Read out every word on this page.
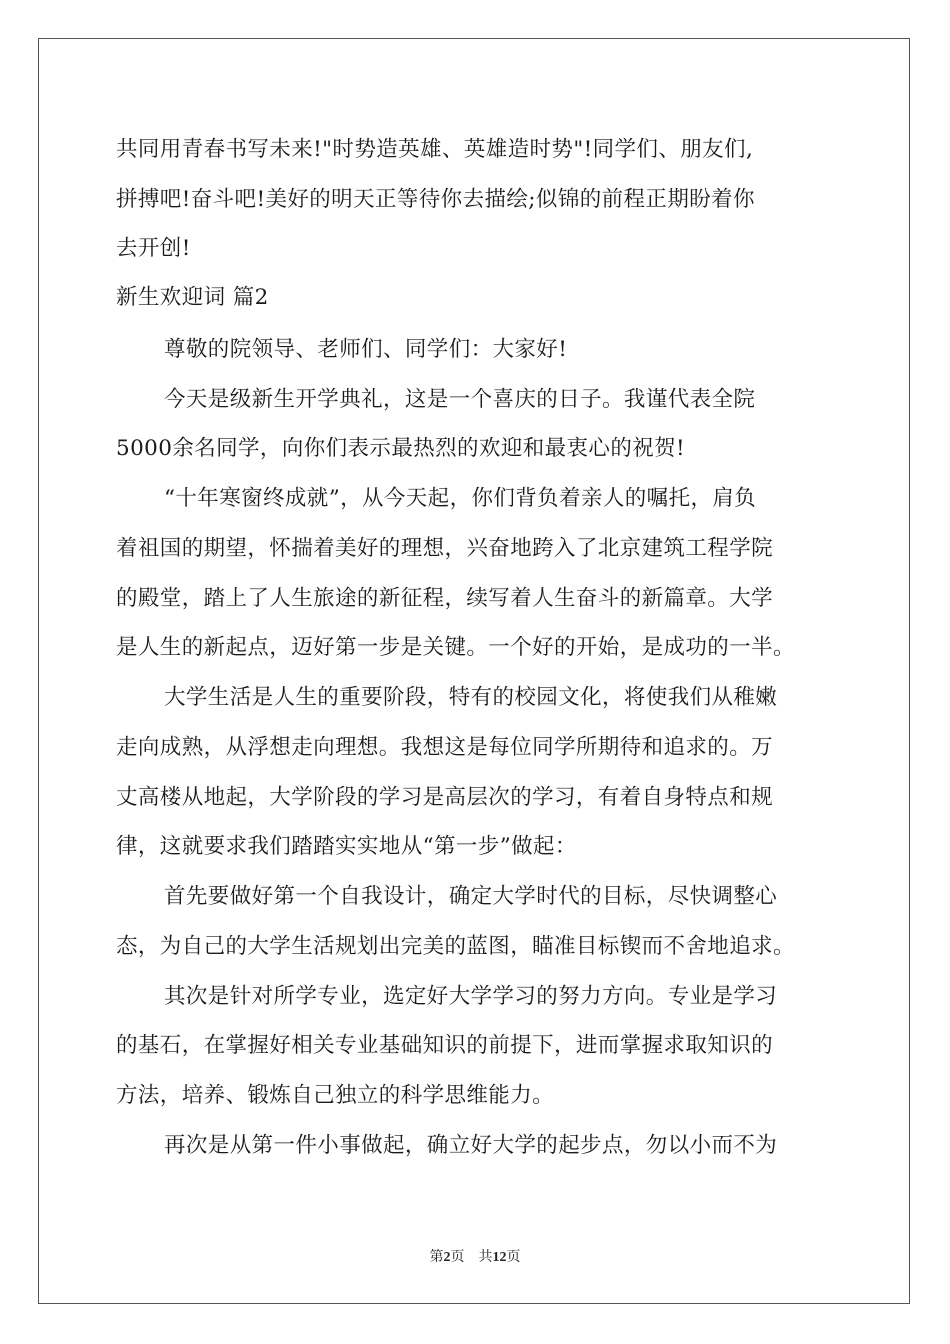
共同用青春书写未来!"时势造英雄、英雄造时势"!同学们、朋友们,
拼搏吧!奋斗吧!美好的明天正等待你去描绘;似锦的前程正期盼着你
去开创!
新生欢迎词 篇2
尊敬的院领导、老师们、同学们：大家好!
今天是级新生开学典礼，这是一个喜庆的日子。我谨代表全院
5000余名同学，向你们表示最热烈的欢迎和最衷心的祝贺!
“十年寒窗终成就”，从今天起，你们背负着亲人的嘱托，肩负
着祖国的期望，怀揣着美好的理想，兴奋地跨入了北京建筑工程学院
的殿堂，踏上了人生旅途的新征程，续写着人生奋斗的新篇章。大学
是人生的新起点，迈好第一步是关键。一个好的开始，是成功的一半。
大学生活是人生的重要阶段，特有的校园文化，将使我们从稚嫩
走向成熟，从浮想走向理想。我想这是每位同学所期待和追求的。万
丈高楼从地起，大学阶段的学习是高层次的学习，有着自身特点和规
律，这就要求我们踏踏实实地从“第一步”做起：
首先要做好第一个自我设计，确定大学时代的目标，尽快调整心
态，为自己的大学生活规划出完美的蓝图，瞄准目标锲而不舍地追求。
其次是针对所学专业，选定好大学学习的努力方向。专业是学习
的基石，在掌握好相关专业基础知识的前提下，进而掌握求取知识的
方法，培养、锻炼自己独立的科学思维能力。
再次是从第一件小事做起，确立好大学的起步点，勿以小而不为
第2页　共12页
